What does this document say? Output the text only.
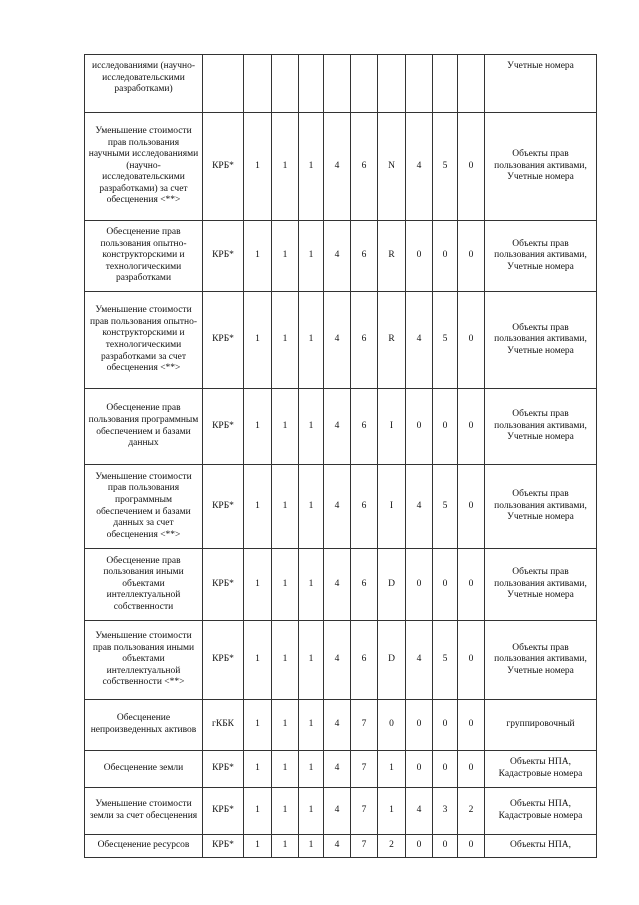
исследованиями (научно-исследовательскими разработками)											Учетные номера
Уменьшение стоимости прав пользования научными исследованиями (научно-исследовательскими разработками) за счет обесценения <**>	КРБ*	1	1	1	4	6	N	4	5	0	Объекты прав пользования активами, Учетные номера
Обесценение прав пользования опытно-конструкторскими и технологическими разработками	КРБ*	1	1	1	4	6	R	0	0	0	Объекты прав пользования активами, Учетные номера
Уменьшение стоимости прав пользования опытно-конструкторскими и технологическими разработками за счет обесценения <**>	КРБ*	1	1	1	4	6	R	4	5	0	Объекты прав пользования активами, Учетные номера
Обесценение прав пользования программным обеспечением и базами данных	КРБ*	1	1	1	4	6	I	0	0	0	Объекты прав пользования активами, Учетные номера
Уменьшение стоимости прав пользования программным обеспечением и базами данных за счет обесценения <**>	КРБ*	1	1	1	4	6	I	4	5	0	Объекты прав пользования активами, Учетные номера
Обесценение прав пользования иными объектами интеллектуальной собственности	КРБ*	1	1	1	4	6	D	0	0	0	Объекты прав пользования активами, Учетные номера
Уменьшение стоимости прав пользования иными объектами интеллектуальной собственности <**>	КРБ*	1	1	1	4	6	D	4	5	0	Объекты прав пользования активами, Учетные номера
Обесценение непроизведенных активов	гКБК	1	1	1	4	7	0	0	0	0	группировочный
Обесценение земли	КРБ*	1	1	1	4	7	1	0	0	0	Объекты НПА, Кадастровые номера
Уменьшение стоимости земли за счет обесценения	КРБ*	1	1	1	4	7	1	4	3	2	Объекты НПА, Кадастровые номера
Обесценение ресурсов	КРБ*	1	1	1	4	7	2	0	0	0	Объекты НПА,
